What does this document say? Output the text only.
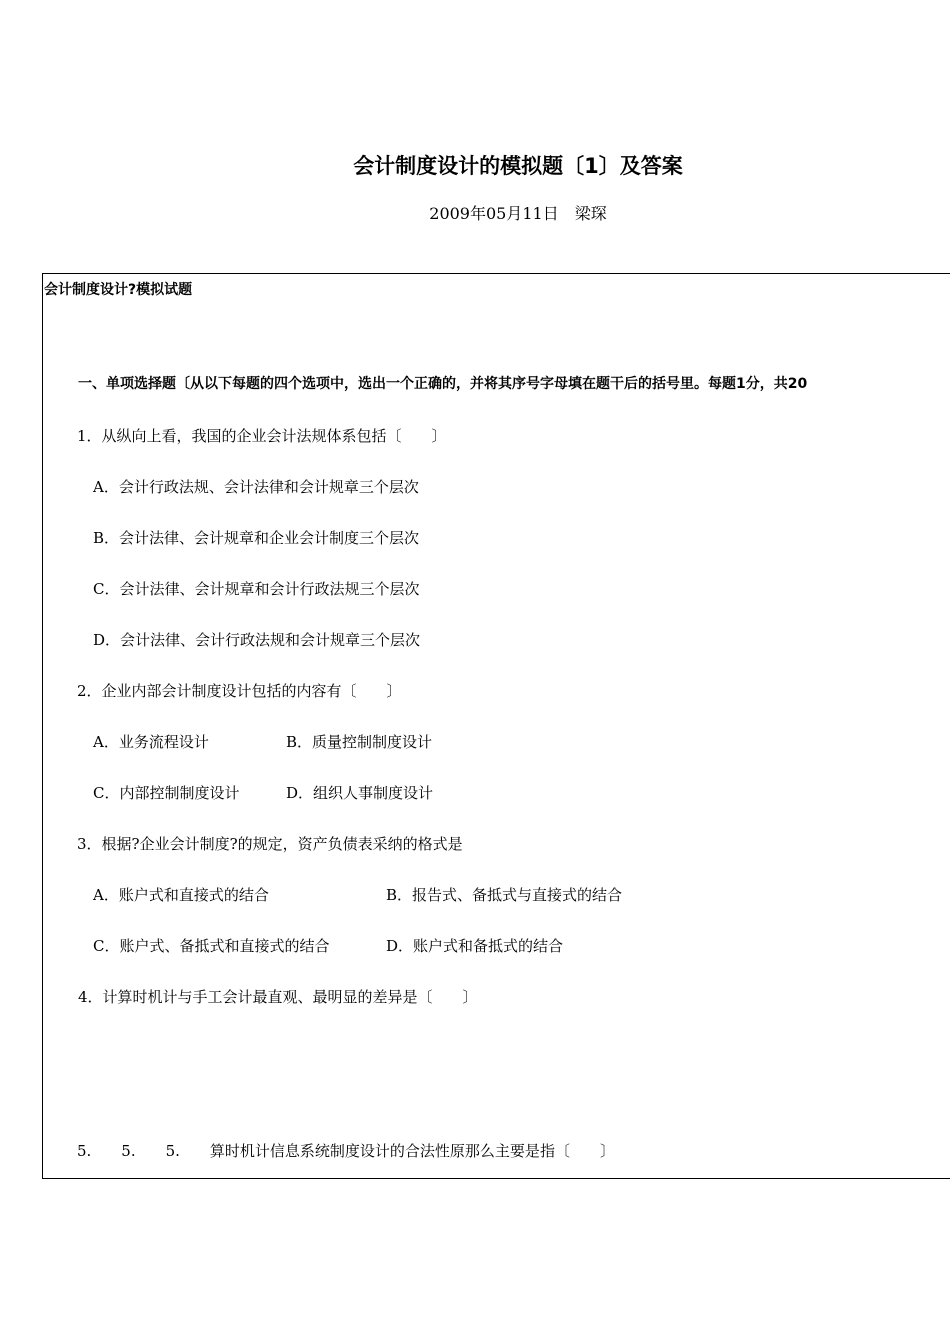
会计制度设计的模拟题〔1〕及答案
2009年05月11日　梁琛
会计制度设计?模拟试题
一、单项选择题〔从以下每题的四个选项中，选出一个正确的，并将其序号字母填在题干后的括号里。每题1分，共20
1．从纵向上看，我国的企业会计法规体系包括〔　　〕
A．会计行政法规、会计法律和会计规章三个层次
B．会计法律、会计规章和企业会计制度三个层次
C．会计法律、会计规章和会计行政法规三个层次
D．会计法律、会计行政法规和会计规章三个层次
2．企业内部会计制度设计包括的内容有〔　　〕
A．业务流程设计	B．质量控制制度设计
C．内部控制制度设计	D．组织人事制度设计
3．根据?企业会计制度?的规定，资产负债表采纳的格式是
A．账户式和直接式的结合	B．报告式、备抵式与直接式的结合
C．账户式、备抵式和直接式的结合	D．账户式和备抵式的结合
4．计算时机计与手工会计最直观、最明显的差异是〔　　〕
5.　　5.　　5.　　算时机计信息系统制度设计的合法性原那么主要是指〔　　〕
